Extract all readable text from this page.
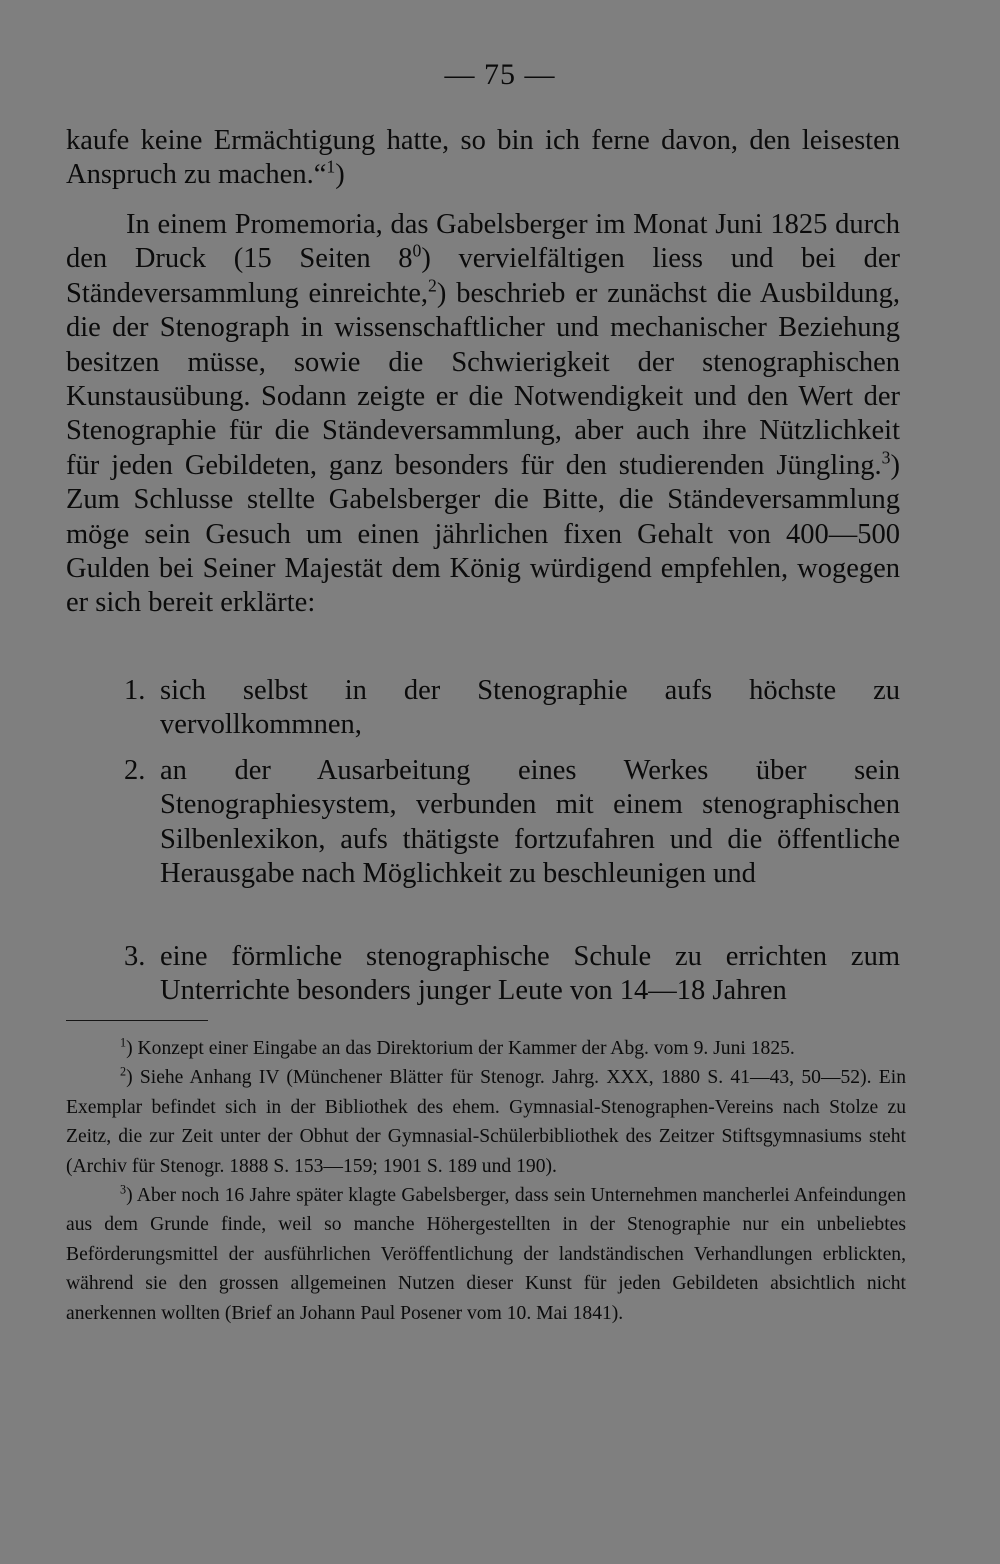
— 75 —

kaufe keine Ermächtigung hatte, so bin ich ferne davon, den leisesten Anspruch zu machen.“$^1$)

In einem Promemoria, das Gabelsberger im Monat Juni 1825 durch den Druck (15 Seiten $8^0$) vervielfältigen liess und bei der Ständeversammlung einreichte,$^2$) beschrieb er zunächst die Ausbildung, die der Stenograph in wissenschaftlicher und mechanischer Beziehung besitzen müsse, sowie die Schwierigkeit der stenographischen Kunstausübung. Sodann zeigte er die Notwendigkeit und den Wert der Stenographie für die Ständeversammlung, aber auch ihre Nützlichkeit für jeden Gebildeten, ganz besonders für den studierenden Jüngling.$^3$) Zum Schlusse stellte Gabelsberger die Bitte, die Ständeversammlung möge sein Gesuch um einen jährlichen fixen Gehalt von 400—500 Gulden bei Seiner Majestät dem König würdigend empfehlen, wogegen er sich bereit erklärte:

1. sich selbst in der Stenographie aufs höchste zu vervollkommnen,
2. an der Ausarbeitung eines Werkes über sein Stenographiesystem, verbunden mit einem stenographischen Silbenlexikon, aufs thätigste fortzufahren und die öffentliche Herausgabe nach Möglichkeit zu beschleunigen und
3. eine förmliche stenographische Schule zu errichten zum Unterrichte besonders junger Leute von 14—18 Jahren

$^1$) Konzept einer Eingabe an das Direktorium der Kammer der Abg. vom 9. Juni 1825.

$^2$) Siehe Anhang IV (Münchener Blätter für Stenogr. Jahrg. XXX, 1880 S. 41—43, 50—52). Ein Exemplar befindet sich in der Bibliothek des ehem. Gymnasial-Stenographen-Vereins nach Stolze zu Zeitz, die zur Zeit unter der Obhut der Gymnasial-Schülerbibliothek des Zeitzer Stiftsgymnasiums steht (Archiv für Stenogr. 1888 S. 153—159; 1901 S. 189 und 190).

$^3$) Aber noch 16 Jahre später klagte Gabelsberger, dass sein Unternehmen mancherlei Anfeindungen aus dem Grunde finde, weil so manche Höhergestellten in der Stenographie nur ein unbeliebtes Beförderungsmittel der ausführlichen Veröffentlichung der landständischen Verhandlungen erblickten, während sie den grossen allgemeinen Nutzen dieser Kunst für jeden Gebildeten absichtlich nicht anerkennen wollten (Brief an Johann Paul Posener vom 10. Mai 1841).
